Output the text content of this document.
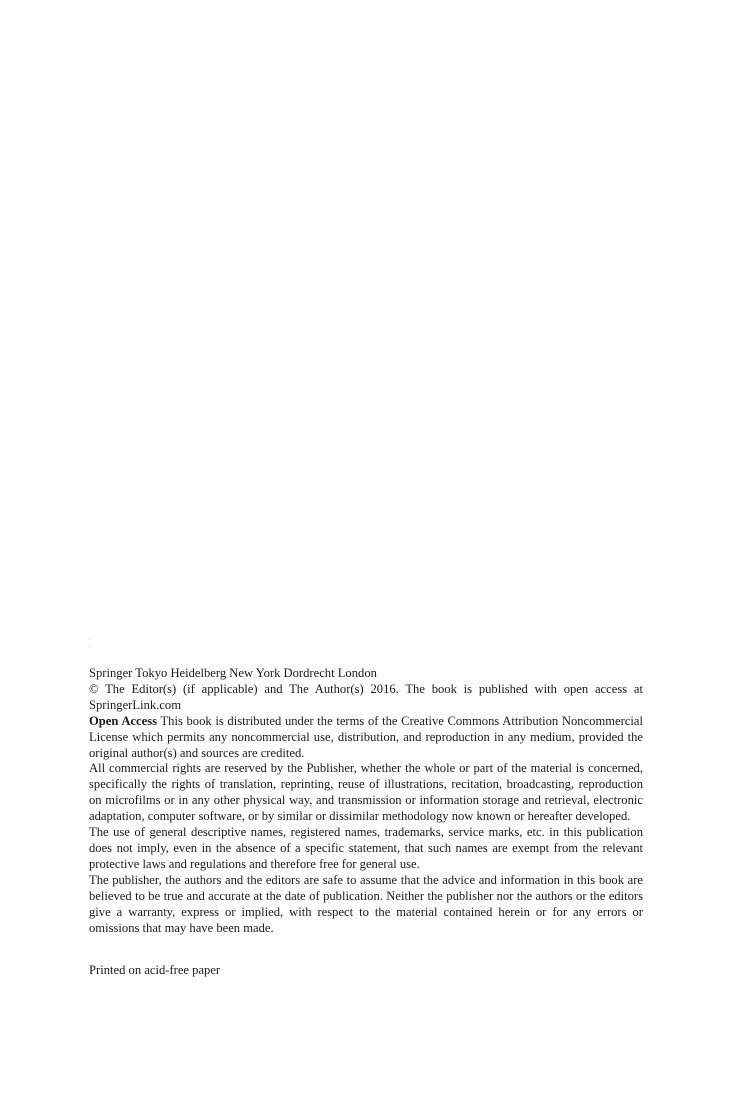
.
.

Springer Tokyo Heidelberg New York Dordrecht London

© The Editor(s) (if applicable) and The Author(s) 2016. The book is published with open access at SpringerLink.com

Open Access This book is distributed under the terms of the Creative Commons Attribution Noncommercial License which permits any noncommercial use, distribution, and reproduction in any medium, provided the original author(s) and sources are credited.

All commercial rights are reserved by the Publisher, whether the whole or part of the material is concerned, specifically the rights of translation, reprinting, reuse of illustrations, recitation, broadcasting, reproduction on microfilms or in any other physical way, and transmission or information storage and retrieval, electronic adaptation, computer software, or by similar or dissimilar methodology now known or hereafter developed.

The use of general descriptive names, registered names, trademarks, service marks, etc. in this publication does not imply, even in the absence of a specific statement, that such names are exempt from the relevant protective laws and regulations and therefore free for general use.

The publisher, the authors and the editors are safe to assume that the advice and information in this book are believed to be true and accurate at the date of publication. Neither the publisher nor the authors or the editors give a warranty, express or implied, with respect to the material contained herein or for any errors or omissions that may have been made.

Printed on acid-free paper
